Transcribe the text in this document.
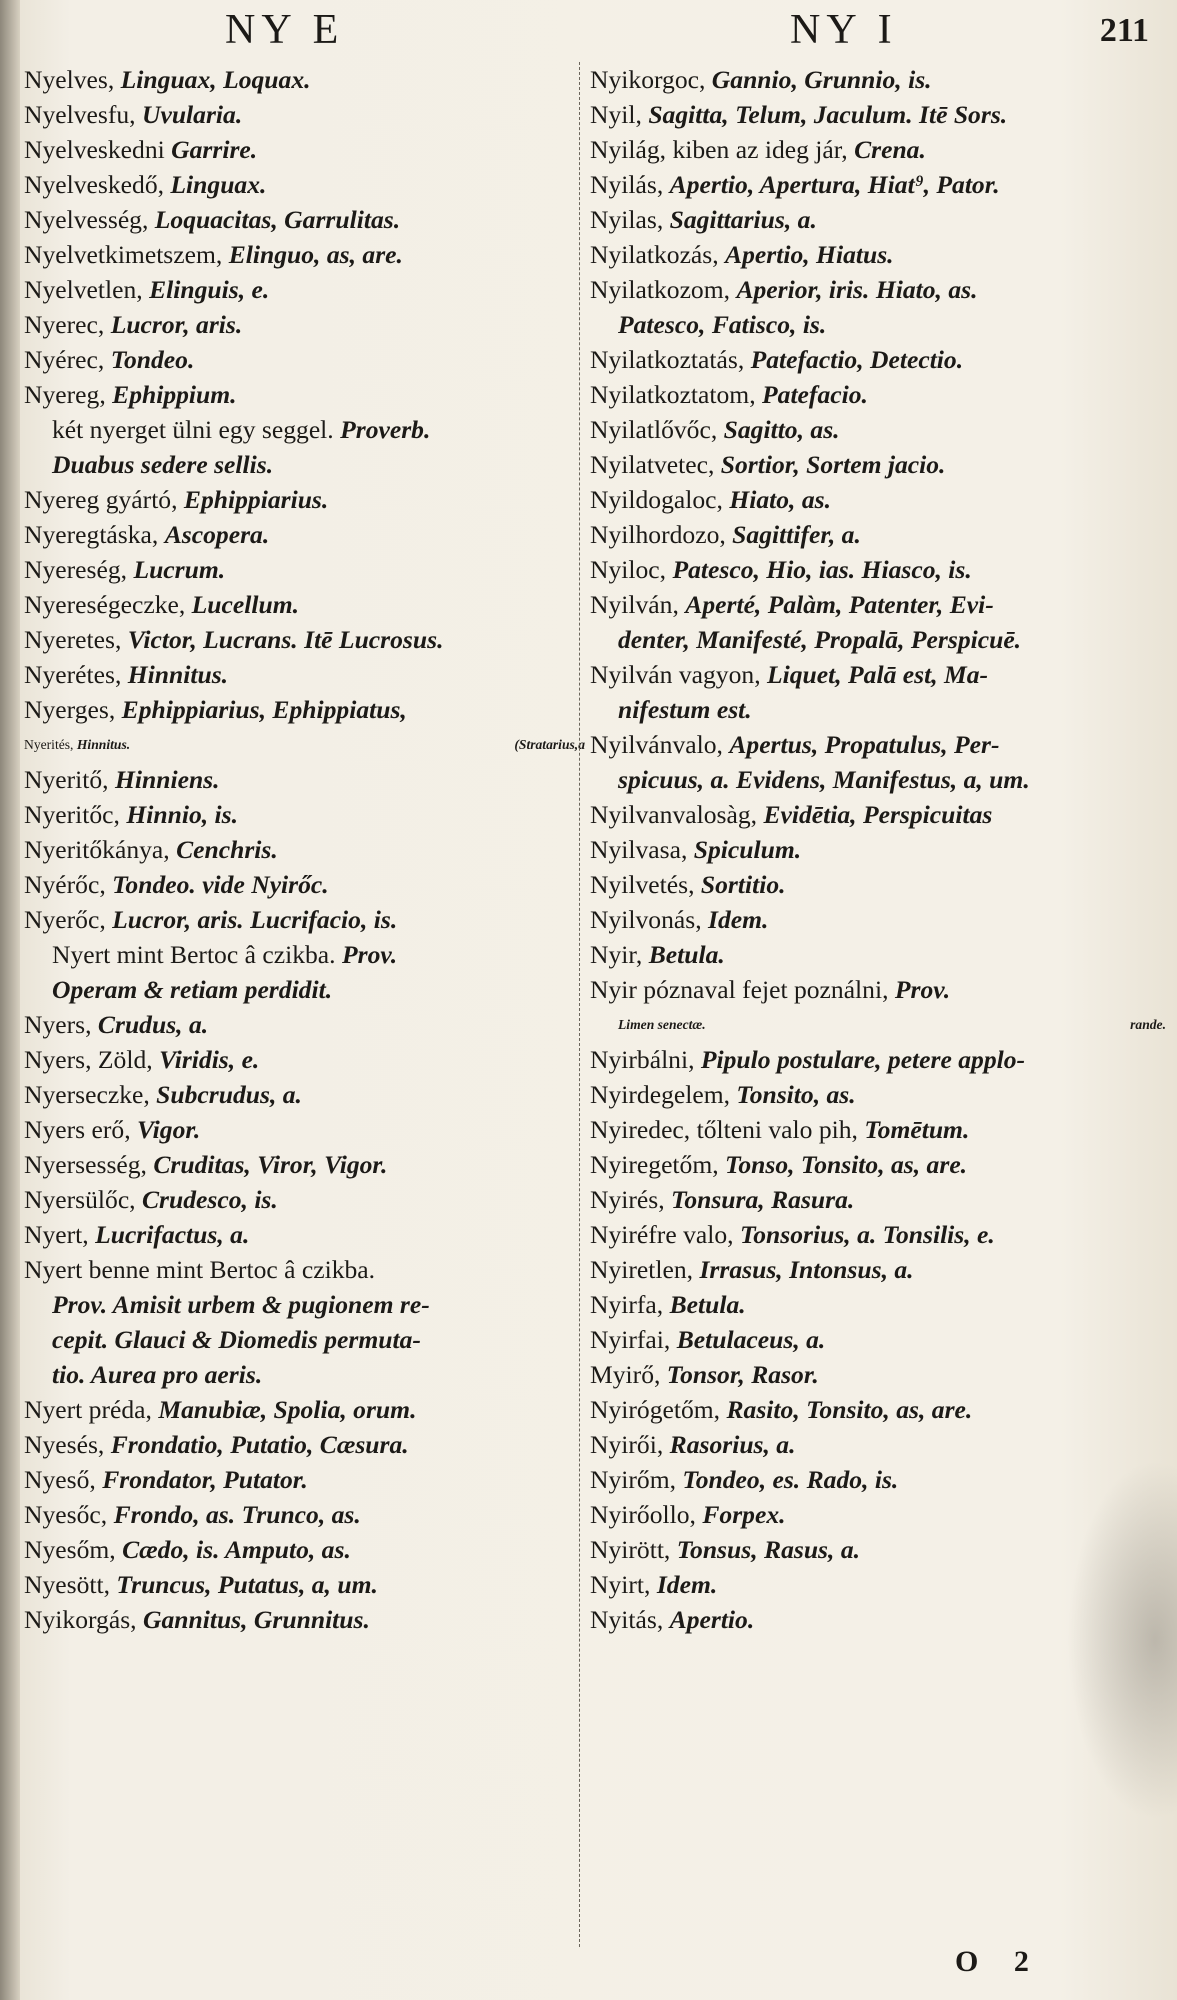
NY E	NY I	211
Nyelves, Linguax, Loquax.
Nyelvesfu, Uvularia.
Nyelveskedni Garrire.
Nyelveskedő, Linguax.
Nyelvesség, Loquacitas, Garrulitas.
Nyelvetkimetszem, Elinguo, as, are.
Nyelvetlen, Elinguis, e.
Nyerec, Lucror, aris.
Nyérec, Tondeo.
Nyereg, Ephippium.
két nyerget ülni egy seggel. Proverb.
Duabus sedere sellis.
Nyereg gyártó, Ephippiarius.
Nyeregtáska, Ascopera.
Nyereség, Lucrum.
Nyereségeczke, Lucellum.
Nyeretes, Victor, Lucrans. Itē Lucrosus.
Nyerétes, Hinnitus.
Nyerges, Ephippiarius, Ephippiatus,
Nyerités, Hinnitus.	(Stratarius,a
Nyeritő, Hinniens.
Nyeritőc, Hinnio, is.
Nyeritőkánya, Cenchris.
Nyérőc, Tondeo. vide Nyirőc.
Nyerőc, Lucror, aris. Lucrifacio, is.
Nyert mint Bertoc â czikba. Prov.
Operam & retiam perdidit.
Nyers, Crudus, a.
Nyers, Zöld, Viridis, e.
Nyerseczke, Subcrudus, a.
Nyers erő, Vigor.
Nyersesség, Cruditas, Viror, Vigor.
Nyersülőc, Crudesco, is.
Nyert, Lucrifactus, a.
Nyert benne mint Bertoc â czikba.
Prov. Amisit urbem & pugionem re-
cepit. Glauci & Diomedis permuta-
tio. Aurea pro aeris.
Nyert préda, Manubiæ, Spolia, orum.
Nyesés, Frondatio, Putatio, Cæsura.
Nyeső, Frondator, Putator.
Nyesőc, Frondo, as. Trunco, as.
Nyesőm, Cædo, is. Amputo, as.
Nyesött, Truncus, Putatus, a, um.
Nyikorgás, Gannitus, Grunnitus.
Nyikorgoc, Gannio, Grunnio, is.
Nyil, Sagitta, Telum, Jaculum. Itē Sors.
Nyilág, kiben az ideg jár, Crena.
Nyilás, Apertio, Apertura, Hiat⁹, Pator.
Nyilas, Sagittarius, a.
Nyilatkozás, Apertio, Hiatus.
Nyilatkozom, Aperior, iris. Hiato, as.
Patesco, Fatisco, is.
Nyilatkoztatás, Patefactio, Detectio.
Nyilatkoztatom, Patefacio.
Nyilatlővőc, Sagitto, as.
Nyilatvetec, Sortior, Sortem jacio.
Nyildogaloc, Hiato, as.
Nyilhordozo, Sagittifer, a.
Nyiloc, Patesco, Hio, ias. Hiasco, is.
Nyilván, Aperté, Palàm, Patenter, Evi-
denter, Manifesté, Propalā, Perspicuē.
Nyilván vagyon, Liquet, Palā est, Ma-
nifestum est.
Nyilvánvalo, Apertus, Propatulus, Per-
spicuus, a. Evidens, Manifestus, a, um.
Nyilvanvalosàg, Evidētia, Perspicuitas
Nyilvasa, Spiculum.
Nyilvetés, Sortitio.
Nyilvonás, Idem.
Nyir, Betula.
Nyir póznaval fejet poználni, Prov.
Limen senectæ.	rande.
Nyirbálni, Pipulo postulare, petere applo-
Nyirdegelem, Tonsito, as.
Nyiredec, tőlteni valo pih, Tomētum.
Nyiregetőm, Tonso, Tonsito, as, are.
Nyirés, Tonsura, Rasura.
Nyiréfre valo, Tonsorius, a. Tonsilis, e.
Nyiretlen, Irrasus, Intonsus, a.
Nyirfa, Betula.
Nyirfai, Betulaceus, a.
Myirő, Tonsor, Rasor.
Nyirógetőm, Rasito, Tonsito, as, are.
Nyirői, Rasorius, a.
Nyirőm, Tondeo, es. Rado, is.
Nyirőollo, Forpex.
Nyirött, Tonsus, Rasus, a.
Nyirt, Idem.
Nyitás, Apertio.
O 2
